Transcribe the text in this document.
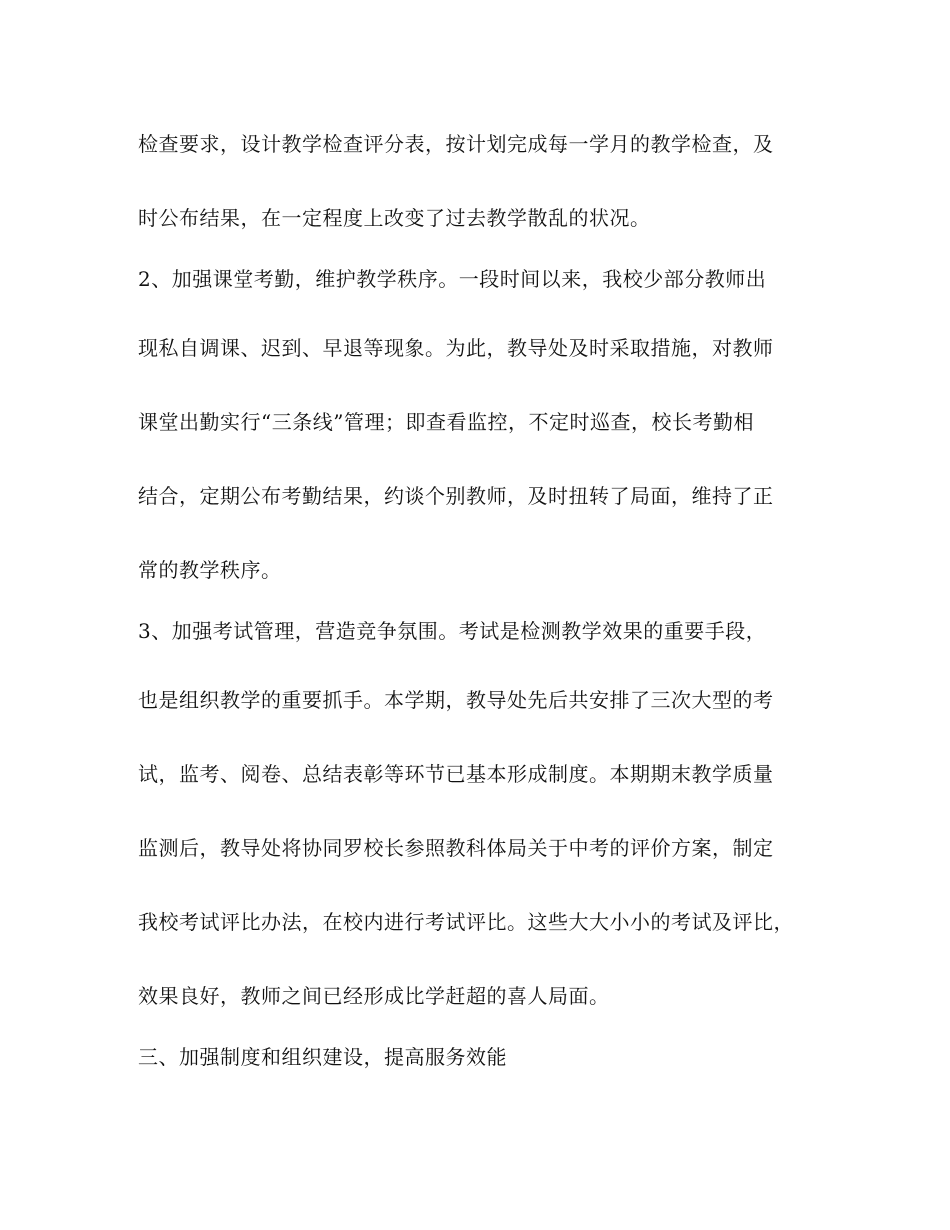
检查要求，设计教学检查评分表，按计划完成每一学月的教学检查，及
时公布结果，在一定程度上改变了过去教学散乱的状况。
2、加强课堂考勤，维护教学秩序。一段时间以来，我校少部分教师出
现私自调课、迟到、早退等现象。为此，教导处及时采取措施，对教师
课堂出勤实行“三条线”管理；即查看监控，不定时巡查，校长考勤相
结合，定期公布考勤结果，约谈个别教师，及时扭转了局面，维持了正
常的教学秩序。
3、加强考试管理，营造竞争氛围。考试是检测教学效果的重要手段，
也是组织教学的重要抓手。本学期，教导处先后共安排了三次大型的考
试，监考、阅卷、总结表彰等环节已基本形成制度。本期期末教学质量
监测后，教导处将协同罗校长参照教科体局关于中考的评价方案，制定
我校考试评比办法，在校内进行考试评比。这些大大小小的考试及评比，
效果良好，教师之间已经形成比学赶超的喜人局面。
三、加强制度和组织建设，提高服务效能
